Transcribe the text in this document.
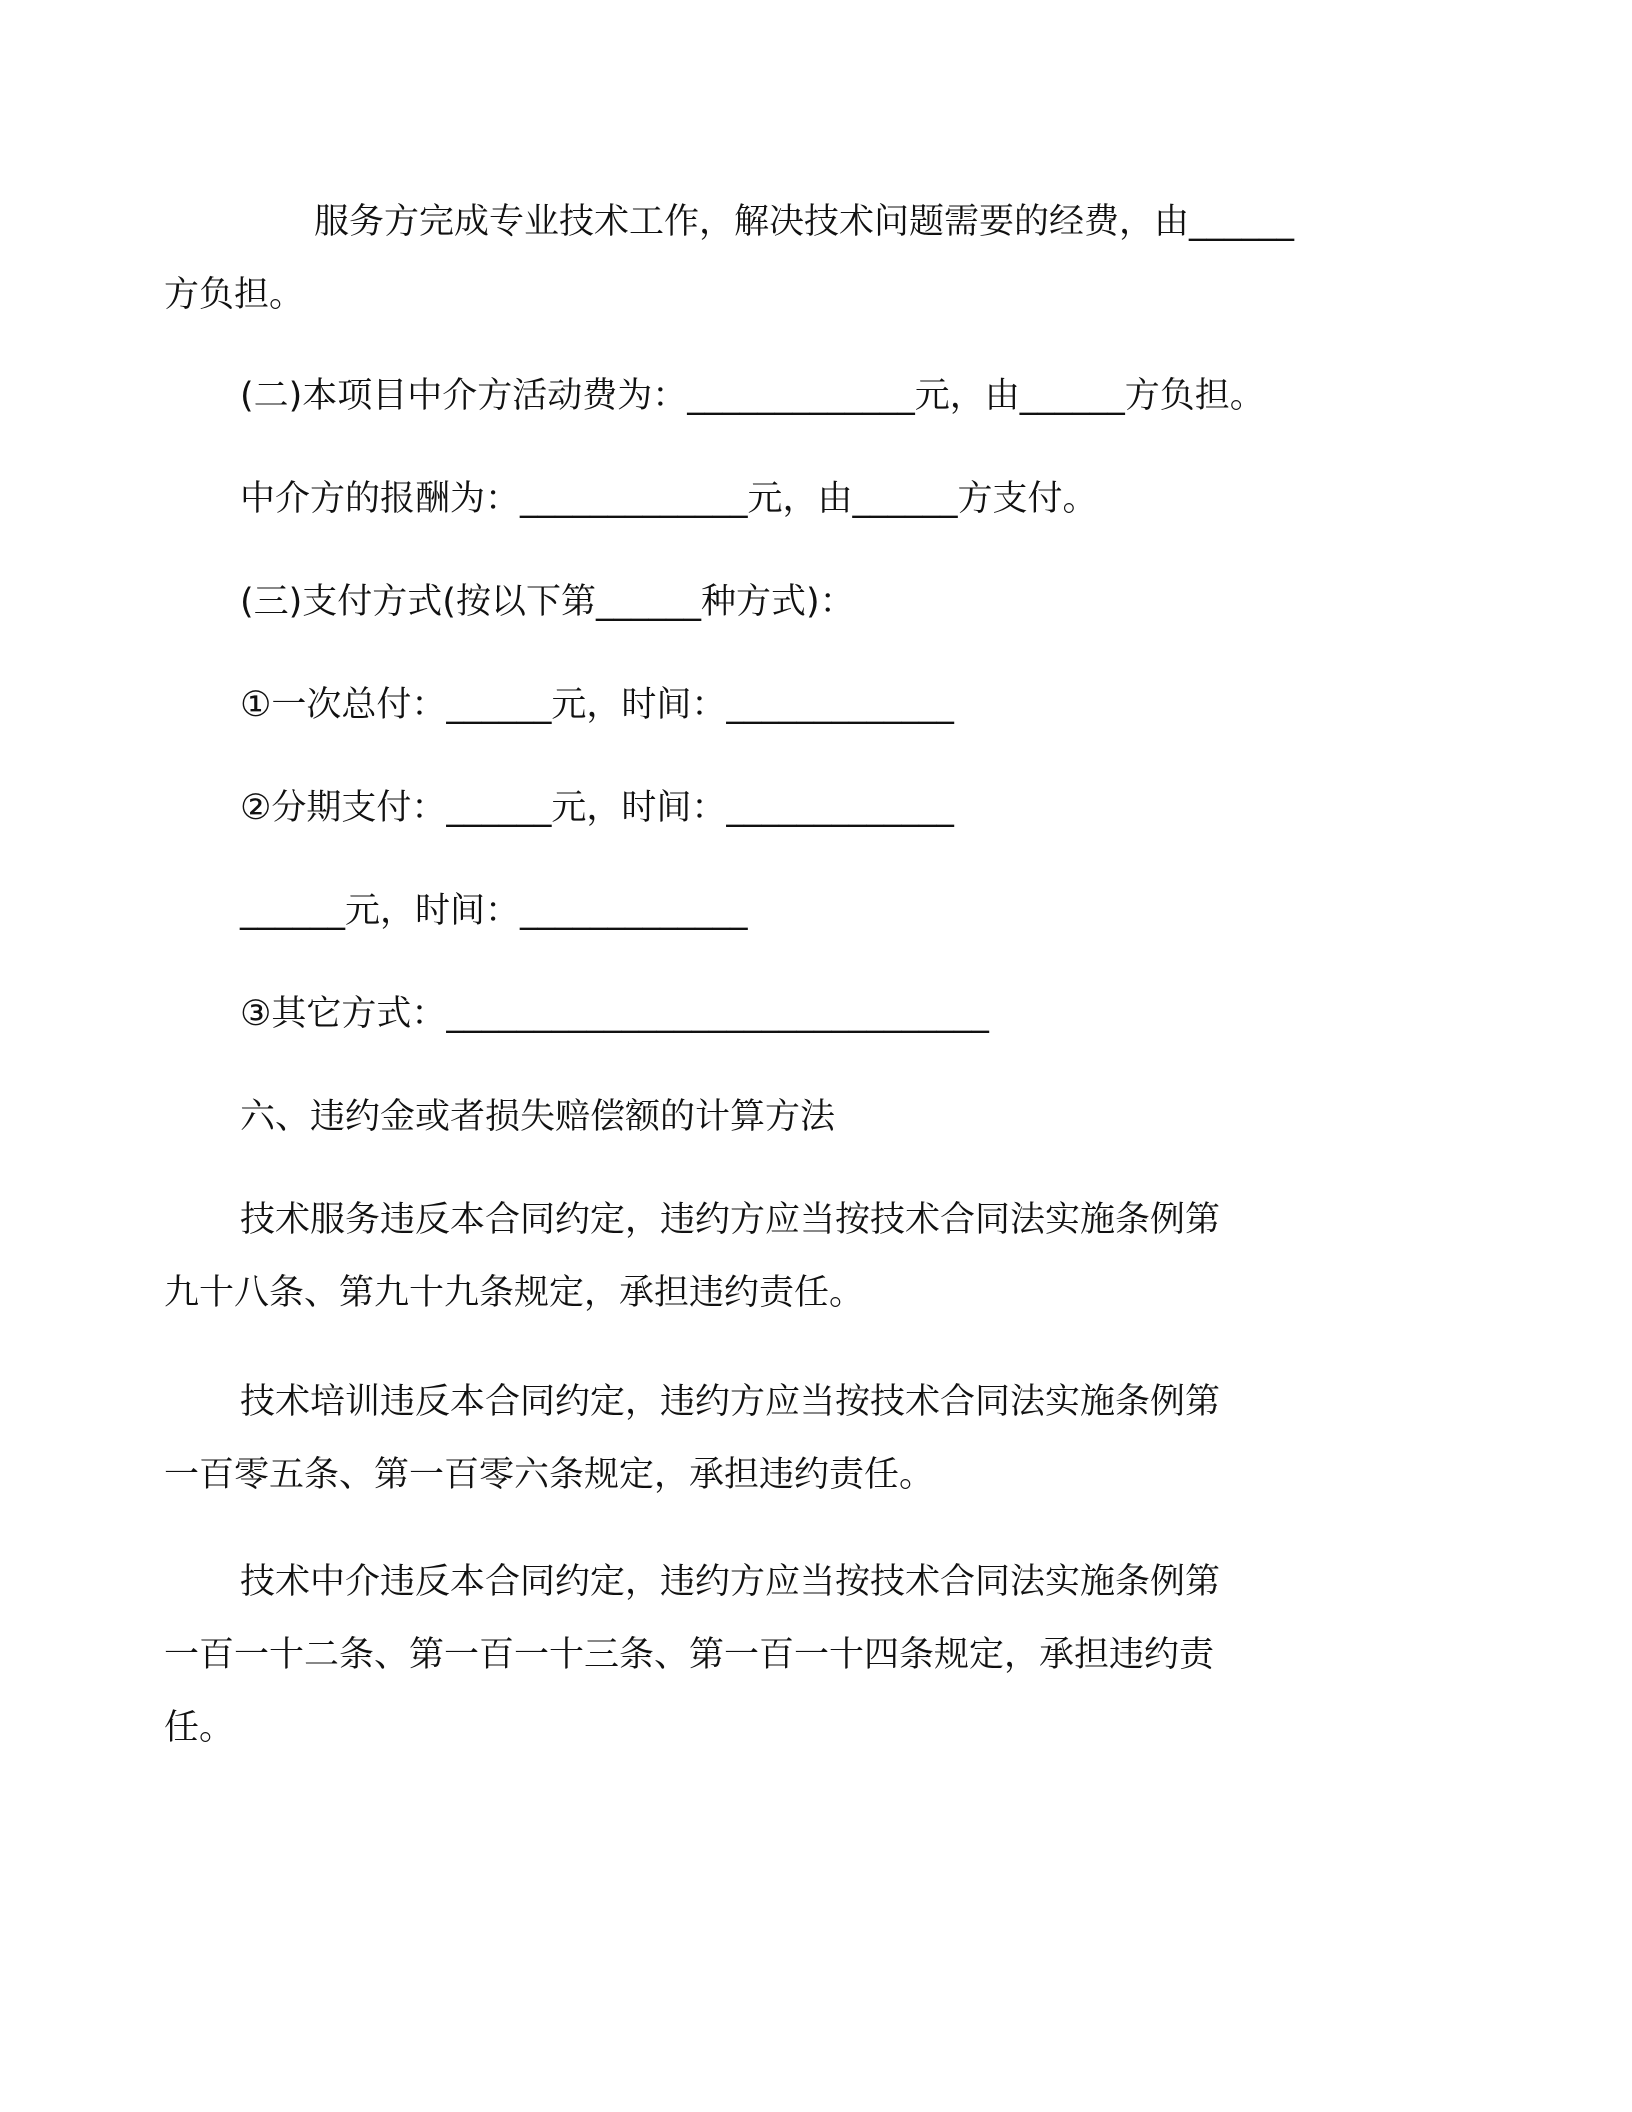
服务方完成专业技术工作，解决技术问题需要的经费，由______
方负担。
(二)本项目中介方活动费为：_____________元，由______方负担。
中介方的报酬为：_____________元，由______方支付。
(三)支付方式(按以下第______种方式)：
①一次总付：______元，时间：_____________
②分期支付：______元，时间：_____________
______元，时间：_____________
③其它方式：_______________________________
六、违约金或者损失赔偿额的计算方法
技术服务违反本合同约定，违约方应当按技术合同法实施条例第
九十八条、第九十九条规定，承担违约责任。
技术培训违反本合同约定，违约方应当按技术合同法实施条例第
一百零五条、第一百零六条规定，承担违约责任。
技术中介违反本合同约定，违约方应当按技术合同法实施条例第
一百一十二条、第一百一十三条、第一百一十四条规定，承担违约责
任。
